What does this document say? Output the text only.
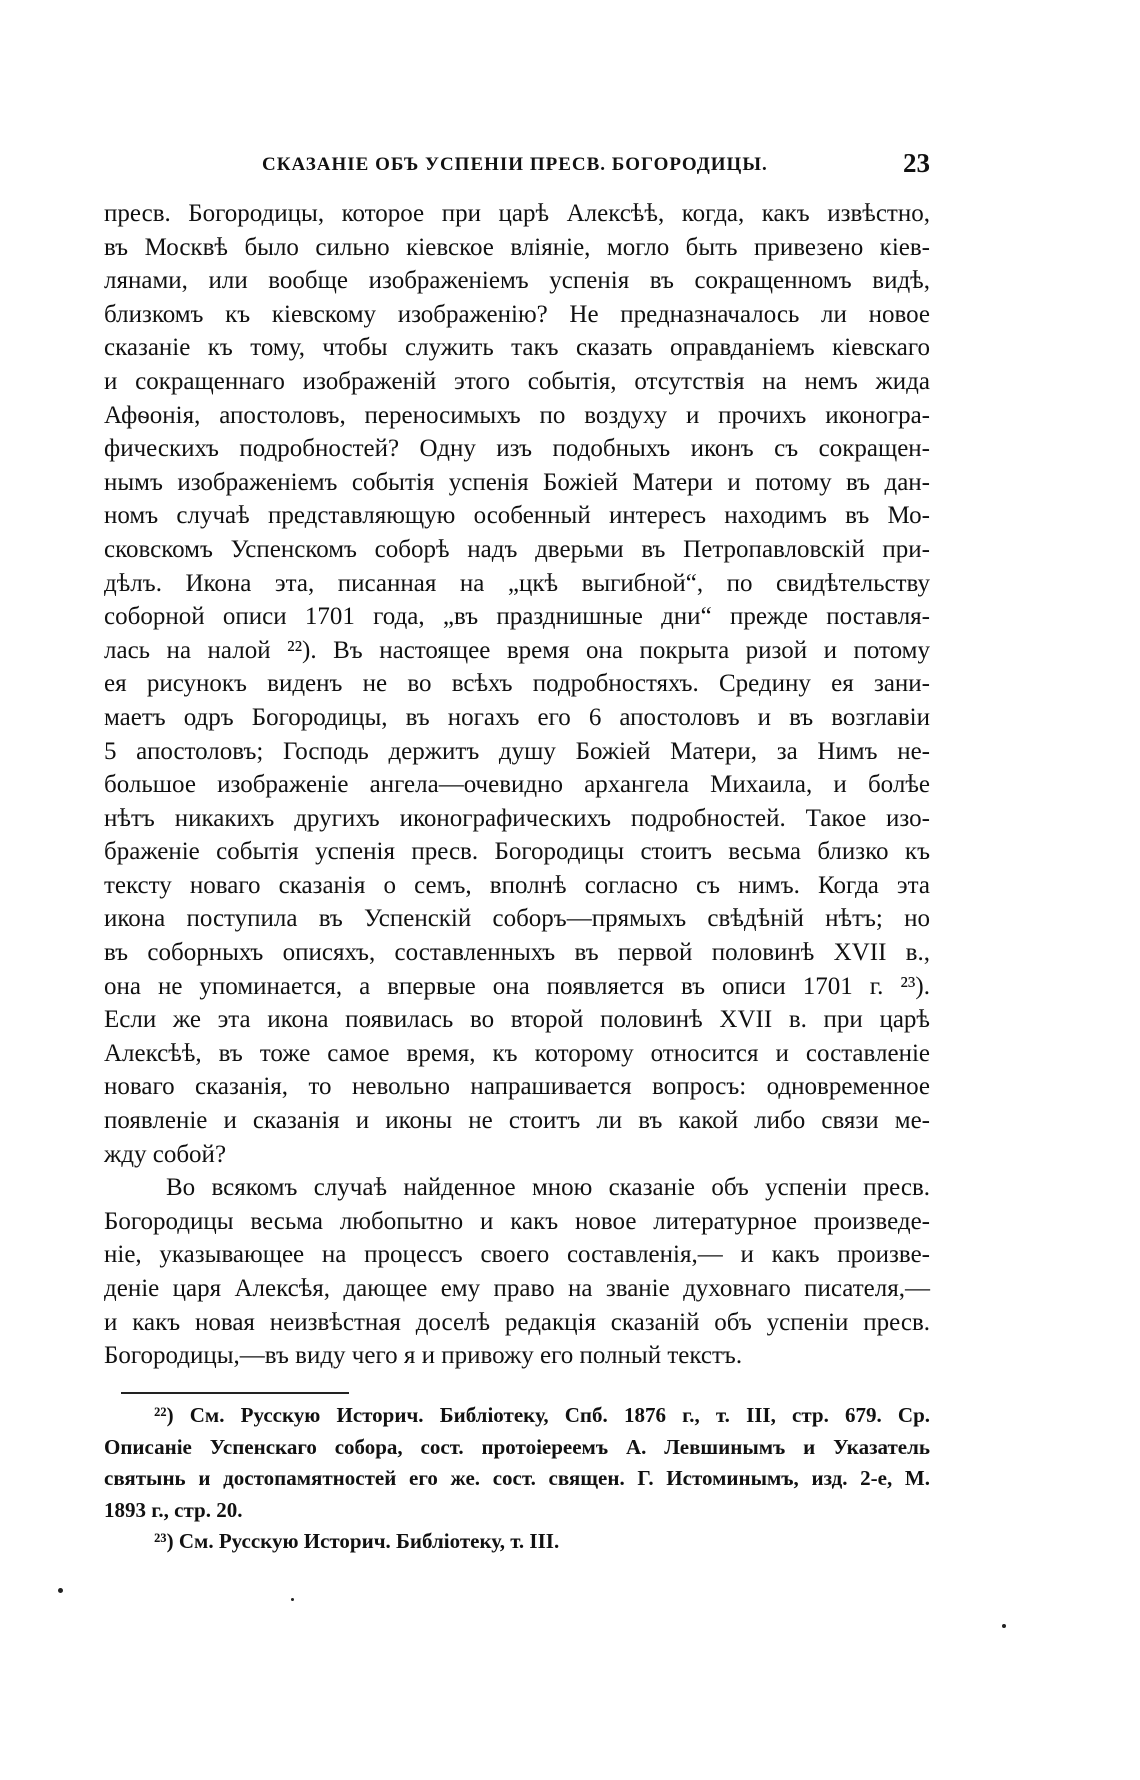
СКАЗАНІЕ ОБЪ УСПЕНІИ ПРЕСВ. БОГОРОДИЦЫ.	23
пресв. Богородицы, которое при царѣ Алексѣѣ, когда, какъ извѣстно,
въ Москвѣ было сильно кіевское вліяніе, могло быть привезено кіев-
лянами, или вообще изображеніемъ успенія въ сокращенномъ видѣ,
близкомъ къ кіевскому изображенію? Не предназначалось ли новое
сказаніе къ тому, чтобы служить такъ сказать оправданіемъ кіевскаго
и сокращеннаго изображеній этого событія, отсутствія на немъ жида
Афѳонія, апостоловъ, переносимыхъ по воздуху и прочихъ иконогра-
фическихъ подробностей? Одну изъ подобныхъ иконъ съ сокращен-
нымъ изображеніемъ событія успенія Божіей Матери и потому въ дан-
номъ случаѣ представляющую особенный интересъ находимъ въ Мо-
сковскомъ Успенскомъ соборѣ надъ дверьми въ Петропавловскій при-
дѣлъ. Икона эта, писанная на „цкѣ выгибной“, по свидѣтельству
соборной описи 1701 года, „въ празднишные дни“ прежде поставля-
лась на налой ²²). Въ настоящее время она покрыта ризой и потому
ея рисунокъ виденъ не во всѣхъ подробностяхъ. Средину ея зани-
маетъ одръ Богородицы, въ ногахъ его 6 апостоловъ и въ возглавіи
5 апостоловъ; Господь держитъ душу Божіей Матери, за Нимъ не-
большое изображеніе ангела—очевидно архангела Михаила, и болѣе
нѣтъ никакихъ другихъ иконографическихъ подробностей. Такое изо-
браженіе событія успенія пресв. Богородицы стоитъ весьма близко къ
тексту новаго сказанія о семъ, вполнѣ согласно съ нимъ. Когда эта
икона поступила въ Успенскій соборъ—прямыхъ свѣдѣній нѣтъ; но
въ соборныхъ описяхъ, составленныхъ въ первой половинѣ XVII в.,
она не упоминается, а впервые она появляется въ описи 1701 г. ²³).
Если же эта икона появилась во второй половинѣ XVII в. при царѣ
Алексѣѣ, въ тоже самое время, къ которому относится и составленіе
новаго сказанія, то невольно напрашивается вопросъ: одновременное
появленіе и сказанія и иконы не стоитъ ли въ какой либо связи ме-
жду собой?
Во всякомъ случаѣ найденное мною сказаніе объ успеніи пресв.
Богородицы весьма любопытно и какъ новое литературное произведе-
ніе, указывающее на процессъ своего составленія,— и какъ произве-
деніе царя Алексѣя, дающее ему право на званіе духовнаго писателя,—
и какъ новая неизвѣстная доселѣ редакція сказаній объ успеніи пресв.
Богородицы,—въ виду чего я и привожу его полный текстъ.
²²) См. Русскую Историч. Библіотеку, Спб. 1876 г., т. III, стр. 679. Ср.
Описаніе Успенскаго собора, сост. протоіереемъ А. Левшинымъ и Указатель
святынь и достопамятностей его же. сост. священ. Г. Истоминымъ, изд. 2-е, М.
1893 г., стр. 20.
²³) См. Русскую Историч. Библіотеку, т. III.
